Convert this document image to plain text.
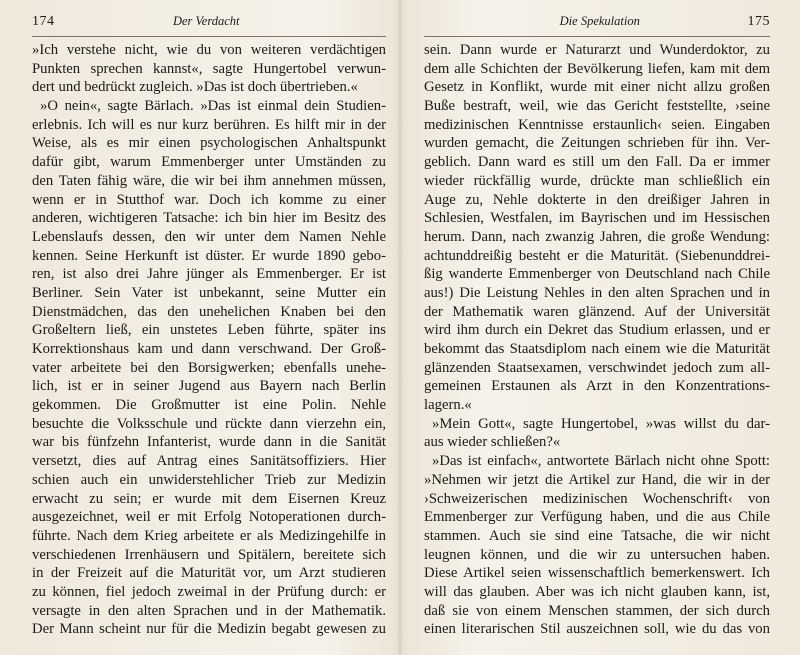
174	Der Verdacht
»Ich verstehe nicht, wie du von weiteren verdächtigen
Punkten sprechen kannst«, sagte Hungertobel verwun-
dert und bedrückt zugleich. »Das ist doch übertrieben.«
»O nein«, sagte Bärlach. »Das ist einmal dein Studien-
erlebnis. Ich will es nur kurz berühren. Es hilft mir in der
Weise, als es mir einen psychologischen Anhaltspunkt
dafür gibt, warum Emmenberger unter Umständen zu
den Taten fähig wäre, die wir bei ihm annehmen müssen,
wenn er in Stutthof war. Doch ich komme zu einer
anderen, wichtigeren Tatsache: ich bin hier im Besitz des
Lebenslaufs dessen, den wir unter dem Namen Nehle
kennen. Seine Herkunft ist düster. Er wurde 1890 gebo-
ren, ist also drei Jahre jünger als Emmenberger. Er ist
Berliner. Sein Vater ist unbekannt, seine Mutter ein
Dienstmädchen, das den unehelichen Knaben bei den
Großeltern ließ, ein unstetes Leben führte, später ins
Korrektionshaus kam und dann verschwand. Der Groß-
vater arbeitete bei den Borsigwerken; ebenfalls unehe-
lich, ist er in seiner Jugend aus Bayern nach Berlin
gekommen. Die Großmutter ist eine Polin. Nehle
besuchte die Volksschule und rückte dann vierzehn ein,
war bis fünfzehn Infanterist, wurde dann in die Sanität
versetzt, dies auf Antrag eines Sanitätsoffiziers. Hier
schien auch ein unwiderstehlicher Trieb zur Medizin
erwacht zu sein; er wurde mit dem Eisernen Kreuz
ausgezeichnet, weil er mit Erfolg Notoperationen durch-
führte. Nach dem Krieg arbeitete er als Medizingehilfe in
verschiedenen Irrenhäusern und Spitälern, bereitete sich
in der Freizeit auf die Maturität vor, um Arzt studieren
zu können, fiel jedoch zweimal in der Prüfung durch: er
versagte in den alten Sprachen und in der Mathematik.
Der Mann scheint nur für die Medizin begabt gewesen zu
Die Spekulation	175
sein. Dann wurde er Naturarzt und Wunderdoktor, zu
dem alle Schichten der Bevölkerung liefen, kam mit dem
Gesetz in Konflikt, wurde mit einer nicht allzu großen
Buße bestraft, weil, wie das Gericht feststellte, ›seine
medizinischen Kenntnisse erstaunlich‹ seien. Eingaben
wurden gemacht, die Zeitungen schrieben für ihn. Ver-
geblich. Dann ward es still um den Fall. Da er immer
wieder rückfällig wurde, drückte man schließlich ein
Auge zu, Nehle dokterte in den dreißiger Jahren in
Schlesien, Westfalen, im Bayrischen und im Hessischen
herum. Dann, nach zwanzig Jahren, die große Wendung:
achtunddreißig besteht er die Maturität. (Siebenunddrei-
ßig wanderte Emmenberger von Deutschland nach Chile
aus!) Die Leistung Nehles in den alten Sprachen und in
der Mathematik waren glänzend. Auf der Universität
wird ihm durch ein Dekret das Studium erlassen, und er
bekommt das Staatsdiplom nach einem wie die Maturität
glänzenden Staatsexamen, verschwindet jedoch zum all-
gemeinen Erstaunen als Arzt in den Konzentrations-
lagern.«
»Mein Gott«, sagte Hungertobel, »was willst du dar-
aus wieder schließen?«
»Das ist einfach«, antwortete Bärlach nicht ohne Spott:
»Nehmen wir jetzt die Artikel zur Hand, die wir in der
›Schweizerischen medizinischen Wochenschrift‹ von
Emmenberger zur Verfügung haben, und die aus Chile
stammen. Auch sie sind eine Tatsache, die wir nicht
leugnen können, und die wir zu untersuchen haben.
Diese Artikel seien wissenschaftlich bemerkenswert. Ich
will das glauben. Aber was ich nicht glauben kann, ist,
daß sie von einem Menschen stammen, der sich durch
einen literarischen Stil auszeichnen soll, wie du das von
